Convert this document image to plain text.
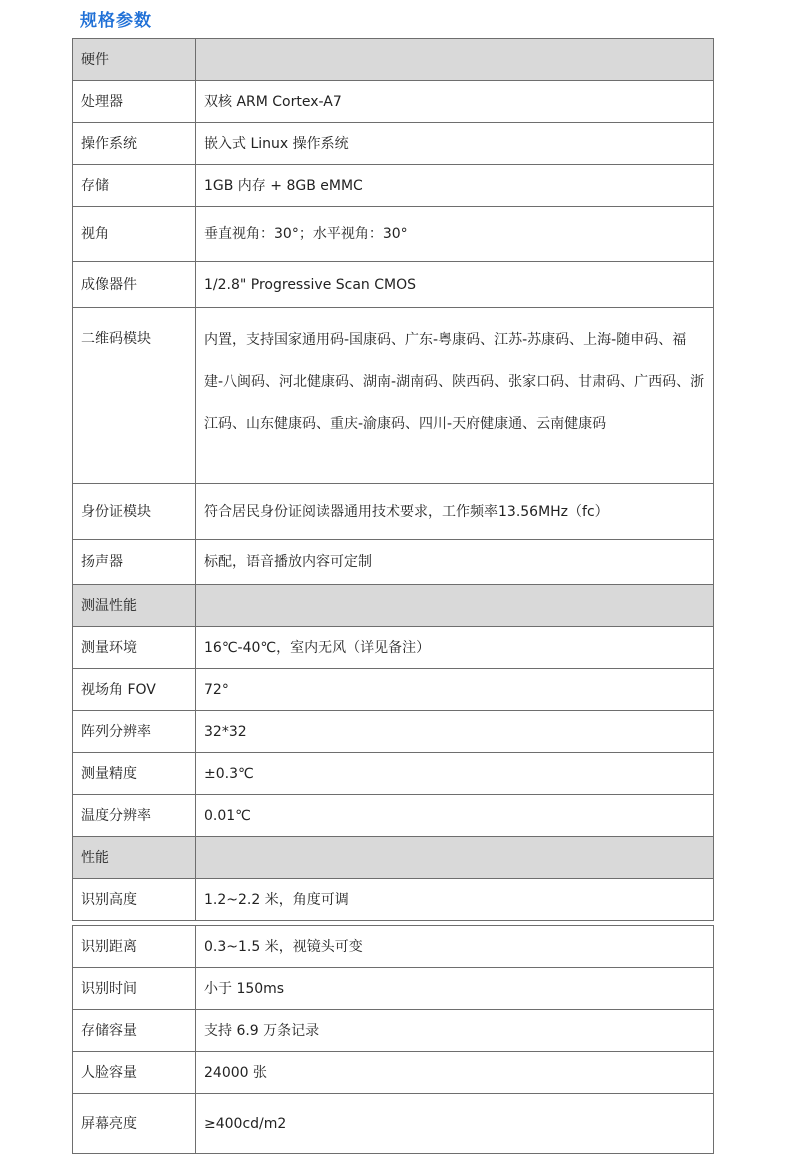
规格参数
硬件	
处理器	双核 ARM Cortex-A7
操作系统	嵌入式 Linux 操作系统
存储	1GB 内存 + 8GB eMMC
视角	垂直视角：30°；水平视角：30°
成像器件	1/2.8" Progressive Scan CMOS
二维码模块	内置，支持国家通用码-国康码、广东-粤康码、江苏-苏康码、上海-随申码、福建-八闽码、河北健康码、湖南-湖南码、陕西码、张家口码、甘肃码、广西码、浙江码、山东健康码、重庆-渝康码、四川-天府健康通、云南健康码
身份证模块	符合居民身份证阅读器通用技术要求，工作频率13.56MHz（fc）
扬声器	标配，语音播放内容可定制
测温性能	
测量环境	16℃-40℃，室内无风（详见备注）
视场角 FOV	72°
阵列分辨率	32*32
测量精度	±0.3℃
温度分辨率	0.01℃
性能	
识别高度	1.2~2.2 米，角度可调
识别距离	0.3~1.5 米，视镜头可变
识别时间	小于 150ms
存储容量	支持 6.9 万条记录
人脸容量	24000 张
屏幕亮度	≥400cd/m2
